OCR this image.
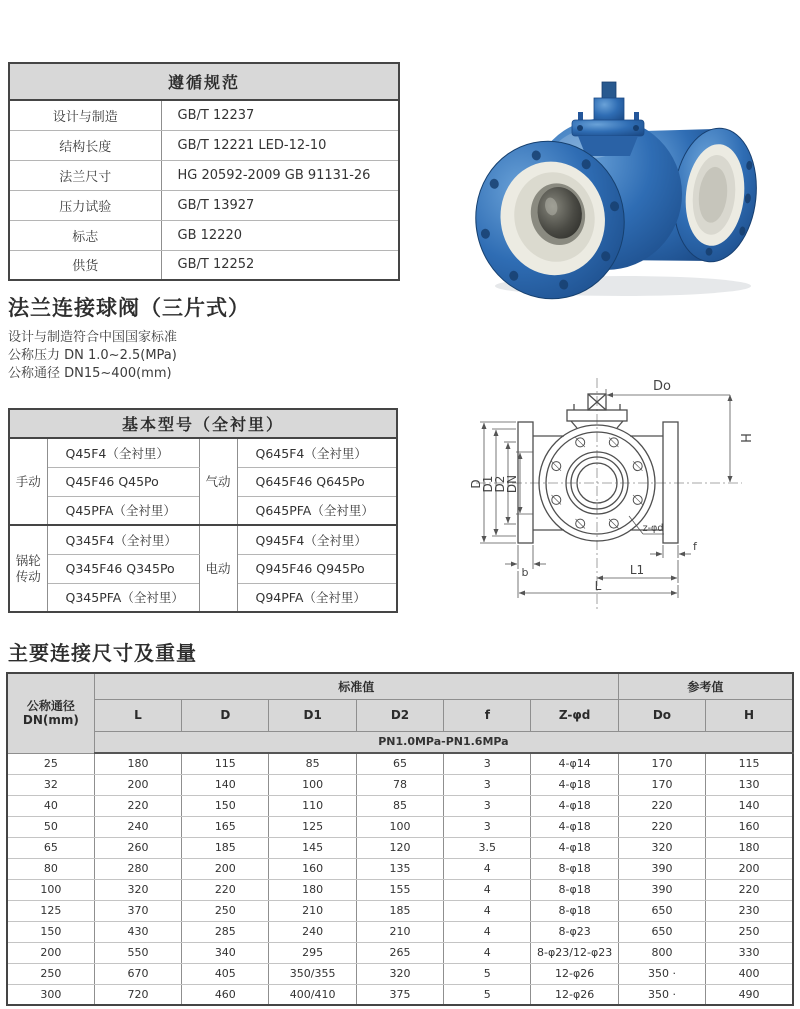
遵循规范	
设计与制造	GB/T 12237
结构长度	GB/T 12221 LED-12-10
法兰尺寸	HG 20592-2009 GB 91131-26
压力试验	GB/T 13927
标志	GB 12220
供货	GB/T 12252
法兰连接球阀（三片式）
设计与制造符合中国国家标准
公称压力 DN 1.0~2.5(MPa)
公称通径 DN15~400(mm)
基本型号（全衬里）			
手动	Q45F4（全衬里）	气动	Q645F4（全衬里）
	Q45F46 Q45Po		Q645F46 Q645Po
	Q45PFA（全衬里）		Q645PFA（全衬里）
锅轮传动	Q345F4（全衬里）	电动	Q945F4（全衬里）
	Q345F46 Q345Po		Q945F46 Q945Po
	Q345PFA（全衬里）		Q94PFA（全衬里）
Do
H
D
D1
D2
DN
f
z-φd
b	L1
L
主要连接尺寸及重量
公称通径
DN(mm)	标准值						参考值	
	L	D	D1	D2	f	Z-φd	Do	H
	PN1.0MPa-PN1.6MPa							
25	180	115	85	65	3	4-φ14	170	115
32	200	140	100	78	3	4-φ18	170	130
40	220	150	110	85	3	4-φ18	220	140
50	240	165	125	100	3	4-φ18	220	160
65	260	185	145	120	3.5	4-φ18	320	180
80	280	200	160	135	4	8-φ18	390	200
100	320	220	180	155	4	8-φ18	390	220
125	370	250	210	185	4	8-φ18	650	230
150	430	285	240	210	4	8-φ23	650	250
200	550	340	295	265	4	8-φ23/12-φ23	800	330
250	670	405	350/355	320	5	12-φ26	350 ·	400
300	720	460	400/410	375	5	12-φ26	350 ·	490
